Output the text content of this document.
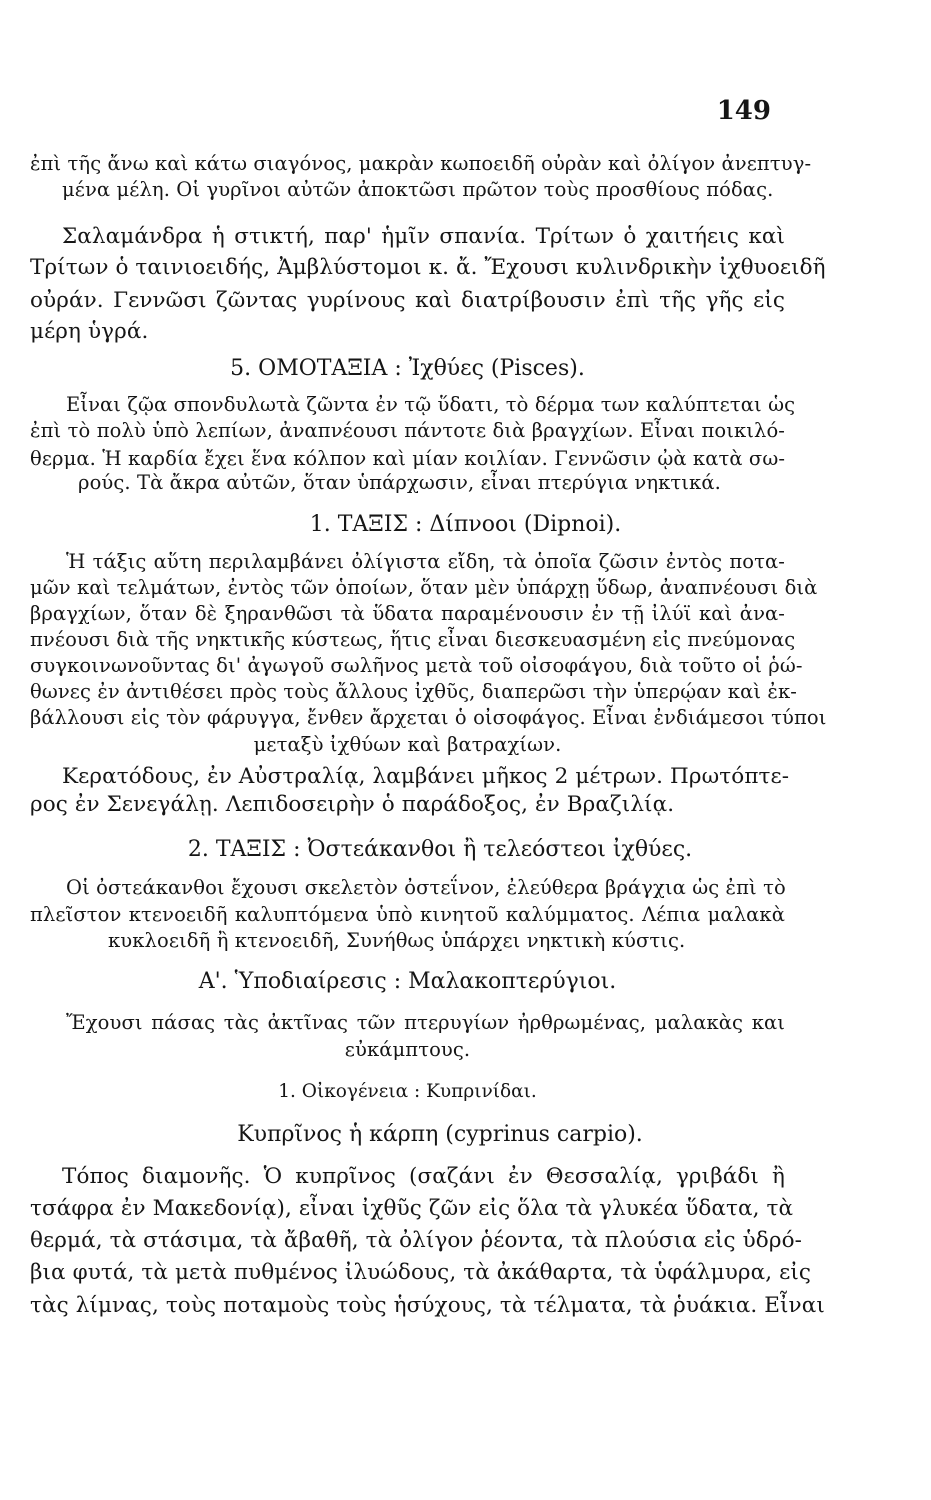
149
ἐπὶ τῆς ἄνω καὶ κάτω σιαγόνος, μακρὰν κωποειδῆ οὐρὰν καὶ ὀλίγον ἀνεπτυγ-
μένα μέλη. Οἱ γυρῖνοι αὐτῶν ἀποκτῶσι πρῶτον τοὺς προσθίους πόδας.
Σαλαμάνδρα ἡ στικτή, παρ' ἡμῖν σπανία. Τρίτων ὁ χαιτήεις καὶ
Τρίτων ὁ ταινιοειδής, Ἀμβλύστομοι κ. ἄ. Ἔχουσι κυλινδρικὴν ἰχθυοειδῆ
οὐράν. Γεννῶσι ζῶντας γυρίνους καὶ διατρίβουσιν ἐπὶ τῆς γῆς εἰς
μέρη ὑγρά.
5. ΟΜΟΤΑΞΙΑ : Ἰχθύες (Pisces).
Εἶναι ζῷα σπονδυλωτὰ ζῶντα ἐν τῷ ὕδατι, τὸ δέρμα των καλύπτεται ὡς
ἐπὶ τὸ πολὺ ὑπὸ λεπίων, ἀναπνέουσι πάντοτε διὰ βραγχίων. Εἶναι ποικιλό-
θερμα. Ἡ καρδία ἔχει ἕνα κόλπον καὶ μίαν κοιλίαν. Γεννῶσιν ᾠὰ κατὰ σω-
ρούς. Τὰ ἄκρα αὐτῶν, ὅταν ὑπάρχωσιν, εἶναι πτερύγια νηκτικά.
1. ΤΑΞΙΣ : Δίπνοοι (Dipnoi).
Ἡ τάξις αὕτη περιλαμβάνει ὀλίγιστα εἴδη, τὰ ὁποῖα ζῶσιν ἐντὸς ποτα-
μῶν καὶ τελμάτων, ἐντὸς τῶν ὁποίων, ὅταν μὲν ὑπάρχῃ ὕδωρ, ἀναπνέουσι διὰ
βραγχίων, ὅταν δὲ ξηρανθῶσι τὰ ὕδατα παραμένουσιν ἐν τῇ ἰλύϊ καὶ ἀνα-
πνέουσι διὰ τῆς νηκτικῆς κύστεως, ἥτις εἶναι διεσκευασμένη εἰς πνεύμονας
συγκοινωνοῦντας δι' ἀγωγοῦ σωλῆνος μετὰ τοῦ οἰσοφάγου, διὰ τοῦτο οἱ ῥώ-
θωνες ἐν ἀντιθέσει πρὸς τοὺς ἄλλους ἰχθῦς, διαπερῶσι τὴν ὑπερῴαν καὶ ἐκ-
βάλλουσι εἰς τὸν φάρυγγα, ἔνθεν ἄρχεται ὁ οἰσοφάγος. Εἶναι ἐνδιάμεσοι τύποι
μεταξὺ ἰχθύων καὶ βατραχίων.
Κερατόδους, ἐν Αὐστραλίᾳ, λαμβάνει μῆκος 2 μέτρων. Πρωτόπτε-
ρος ἐν Σενεγάλῃ. Λεπιδοσειρὴν ὁ παράδοξος, ἐν Βραζιλίᾳ.
2. ΤΑΞΙΣ : Ὀστεάκανθοι ἢ τελεόστεοι ἰχθύες.
Οἱ ὀστεάκανθοι ἔχουσι σκελετὸν ὀστεΐνον, ἐλεύθερα βράγχια ὡς ἐπὶ τὸ
πλεῖστον κτενοειδῆ καλυπτόμενα ὑπὸ κινητοῦ καλύμματος. Λέπια μαλακὰ
κυκλοειδῆ ἢ κτενοειδῆ, Συνήθως ὑπάρχει νηκτικὴ κύστις.
Α'. Ὑποδιαίρεσις : Μαλακοπτερύγιοι.
Ἔχουσι πάσας τὰς ἀκτῖνας τῶν πτερυγίων ἠρθρωμένας, μαλακὰς και
εὐκάμπτους.
1. Οἰκογένεια : Κυπρινίδαι.
Κυπρῖνος ἡ κάρπη (cyprinus carpio).
Τόπος διαμονῆς. Ὁ κυπρῖνος (σαζάνι ἐν Θεσσαλίᾳ, γριβάδι ἢ
τσάφρα ἐν Μακεδονίᾳ), εἶναι ἰχθῦς ζῶν εἰς ὅλα τὰ γλυκέα ὕδατα, τὰ
θερμά, τὰ στάσιμα, τὰ ἄβαθῆ, τὰ ὀλίγον ῥέοντα, τὰ πλούσια εἰς ὑδρό-
βια φυτά, τὰ μετὰ πυθμένος ἰλυώδους, τὰ ἀκάθαρτα, τὰ ὑφάλμυρα, εἰς
τὰς λίμνας, τοὺς ποταμοὺς τοὺς ἡσύχους, τὰ τέλματα, τὰ ῥυάκια. Εἶναι
